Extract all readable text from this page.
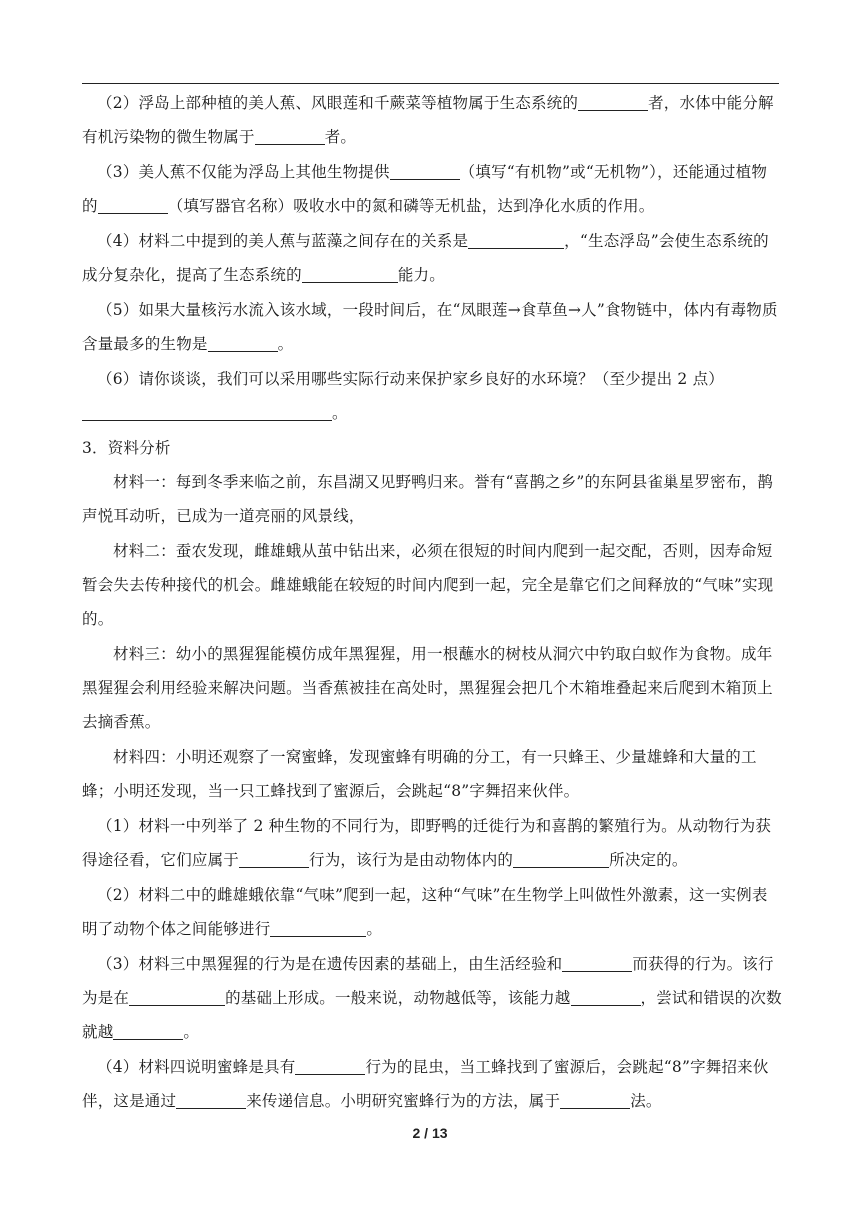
（2）浮岛上部种植的美人蕉、风眼莲和千蕨菜等植物属于生态系统的	者，水体中能分解有机污染物的微生物属于	者。
（3）美人蕉不仅能为浮岛上其他生物提供	（填写“有机物”或“无机物”），还能通过植物的	（填写器官名称）吸收水中的氮和磷等无机盐，达到净化水质的作用。
（4）材料二中提到的美人蕉与蓝藻之间存在的关系是	，“生态浮岛”会使生态系统的成分复杂化，提高了生态系统的	能力。
（5）如果大量核污水流入该水域，一段时间后，在“凤眼莲→食草鱼→人”食物链中，体内有毒物质含量最多的生物是	。
（6）请你谈谈，我们可以采用哪些实际行动来保护家乡良好的水环境？（至少提出 2 点）。
3．资料分析
材料一：每到冬季来临之前，东昌湖又见野鸭归来。誉有“喜鹊之乡”的东阿县雀巢星罗密布，鹊声悦耳动听，已成为一道亮丽的风景线，
材料二：蚕农发现，雌雄蛾从茧中钻出来，必须在很短的时间内爬到一起交配，否则，因寿命短暂会失去传种接代的机会。雌雄蛾能在较短的时间内爬到一起，完全是靠它们之间释放的“气味”实现的。
材料三：幼小的黑猩猩能模仿成年黑猩猩，用一根蘸水的树枝从洞穴中钓取白蚁作为食物。成年黑猩猩会利用经验来解决问题。当香蕉被挂在高处时，黑猩猩会把几个木箱堆叠起来后爬到木箱顶上去摘香蕉。
材料四：小明还观察了一窝蜜蜂，发现蜜蜂有明确的分工，有一只蜂王、少量雄蜂和大量的工蜂；小明还发现，当一只工蜂找到了蜜源后，会跳起“8”字舞招来伙伴。
（1）材料一中列举了 2 种生物的不同行为，即野鸭的迁徙行为和喜鹊的繁殖行为。从动物行为获得途径看，它们应属于	行为，该行为是由动物体内的	所决定的。
（2）材料二中的雌雄蛾依靠“气味”爬到一起，这种“气味”在生物学上叫做性外激素，这一实例表明了动物个体之间能够进行	。
（3）材料三中黑猩猩的行为是在遗传因素的基础上，由生活经验和	而获得的行为。该行为是在	的基础上形成。一般来说，动物越低等，该能力越	，尝试和错误的次数就越	。
（4）材料四说明蜜蜂是具有	行为的昆虫，当工蜂找到了蜜源后，会跳起“8”字舞招来伙伴，这是通过	来传递信息。小明研究蜜蜂行为的方法，属于	法。
2 / 13
